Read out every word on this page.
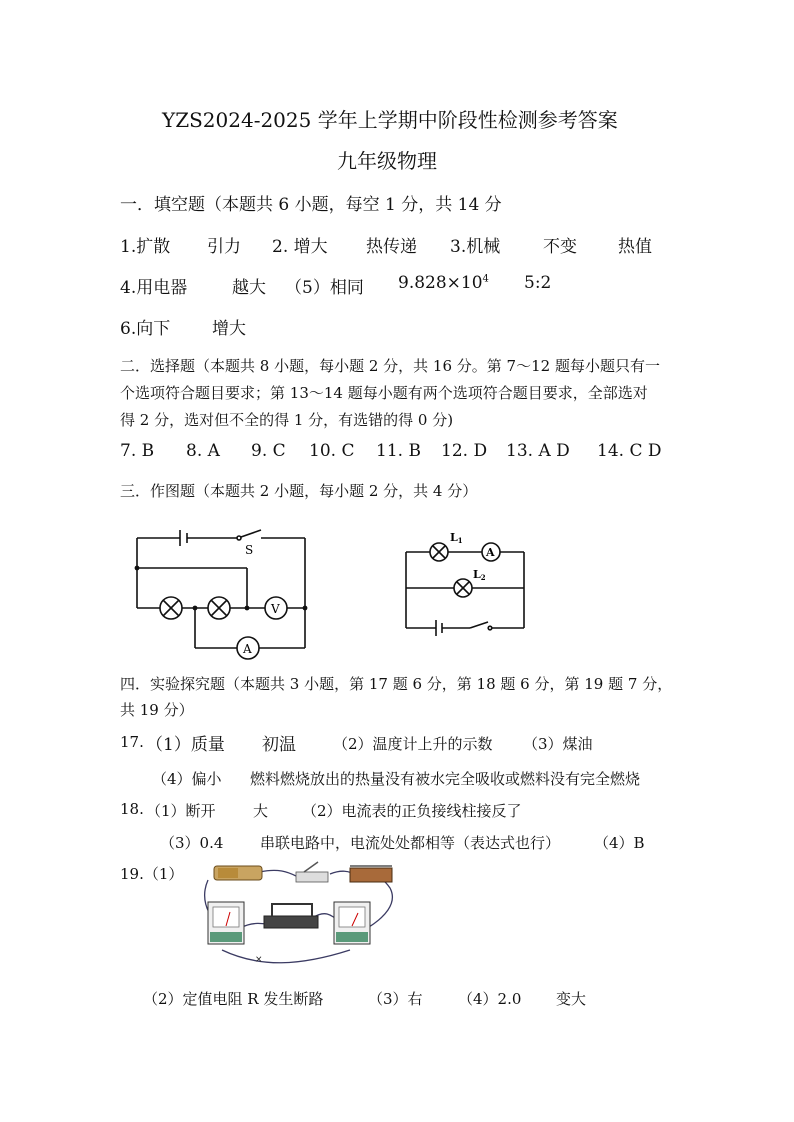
YZS2024-2025 学年上学期中阶段性检测参考答案
九年级物理
一．填空题（本题共 6 小题，每空 1 分，共 14 分
1.扩散 引力 2. 增大 热传递 3.机械	不变 热值
4.用电器	越大 （5）相同 $9.828\times 10^4$ 5:2
6.向下 增大
二．选择题（本题共 8 小题，每小题 2 分，共 16 分。第 7～12 题每小题只有一
个选项符合题目要求；第 13～14 题每小题有两个选项符合题目要求，全部选对
得 2 分，选对但不全的得 1 分，有选错的得 0 分)
7. B 8. A 9. C 10. C 11. B 12. D 13. A D 14. C D
三．作图题（本题共 2 小题，每小题 2 分，共 4 分）
S
V
A
L1
A
L2
四．实验探究题（本题共 3 小题，第 17 题 6 分，第 18 题 6 分，第 19 题 7 分，
共 19 分）
17. （1）质量 初温 （2）温度计上升的示数 （3）煤油
（4）偏小 燃料燃烧放出的热量没有被水完全吸收或燃料没有完全燃烧
18. （1）断开 大 （2）电流表的正负接线柱接反了
（3）0.4 串联电路中，电流处处都相等（表达式也行） （4）B
19.（1）
×
（2）定值电阻 R 发生断路	（3）右 （4）2.0 变大
